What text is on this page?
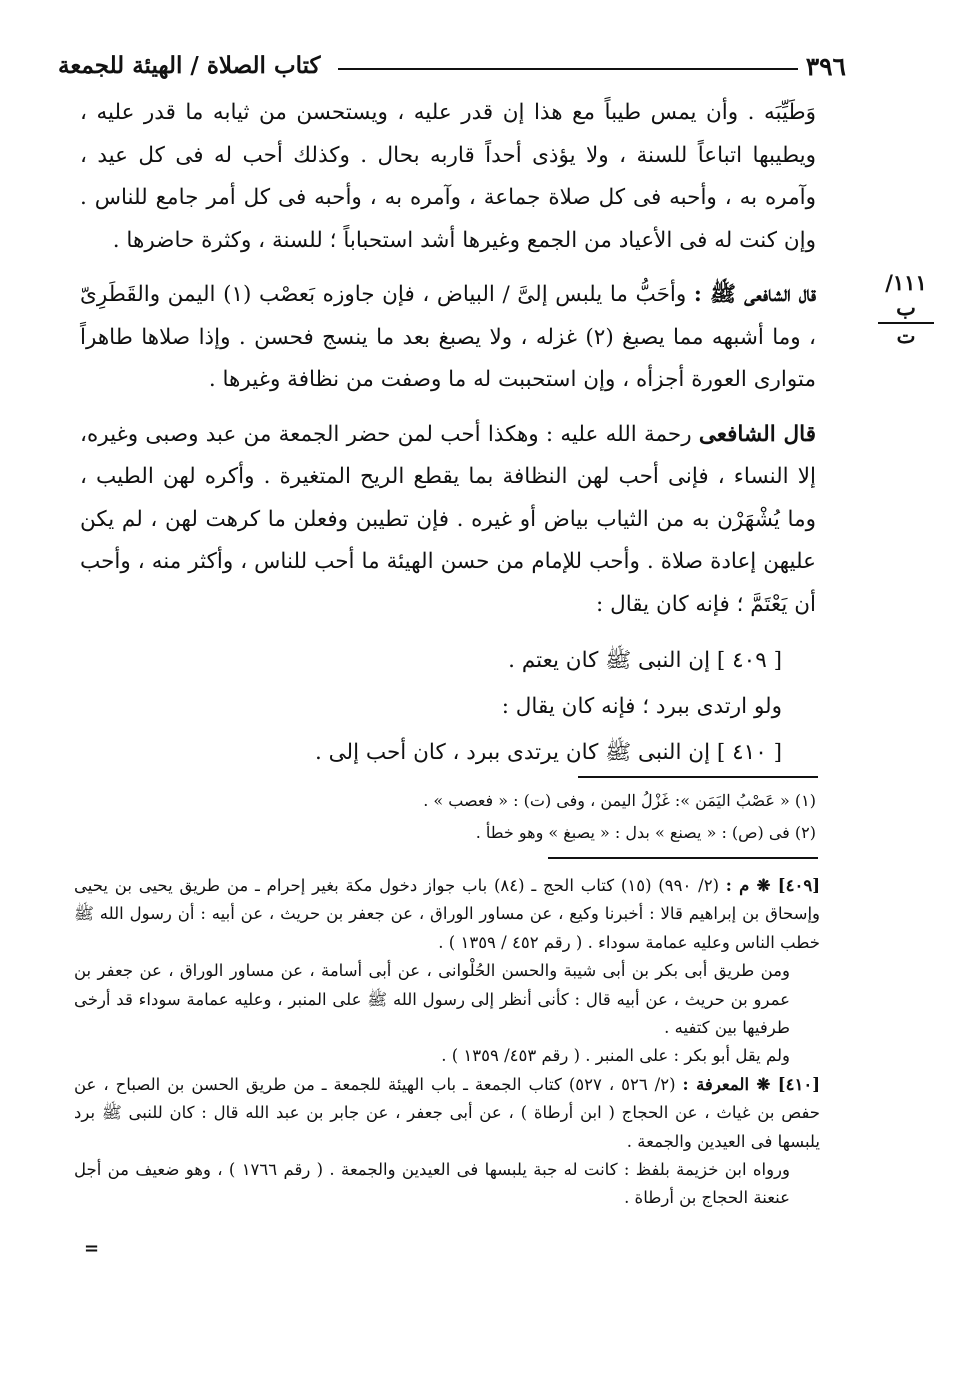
٣٩٦
كتاب الصلاة / الهيئة للجمعة
١١١/ ب
ت

وَطَيِّبَه . وأن يمس طيباً مع هذا إن قدر عليه ، ويستحسن من ثيابه ما قدر عليه ، ويطيبها اتباعاً للسنة ، ولا يؤذى أحداً قاربه بحال . وكذلك أحب له فى كل عيد ، وآمره به ، وأحبه فى كل صلاة جماعة ، وآمره به ، وأحبه فى كل أمر جامع للناس . وإن كنت له فى الأعياد من الجمع وغيرها أشد استحباباً ؛ للسنة ، وكثرة حاضرها .

قال الشافعى ﷺ : وأحَبُّ ما يلبس إلىَّ / البياض ، فإن جاوزه بَعصْب (١) اليمن والقَطَرِىّ ، وما أشبهه مما يصبغ (٢) غزله ، ولا يصبغ بعد ما ينسج فحسن . وإذا صلاها طاهراً متوارى العورة أجزأه ، وإن استحببت له ما وصفت من نظافة وغيرها .

قال الشافعى رحمة الله عليه : وهكذا أحب لمن حضر الجمعة من عبد وصبى وغيره، إلا النساء ، فإنى أحب لهن النظافة بما يقطع الريح المتغيرة . وأكره لهن الطيب ، وما يُشْهَرْن به من الثياب بياض أو غيره . فإن تطيبن وفعلن ما كرهت لهن ، لم يكن عليهن إعادة صلاة . وأحب للإمام من حسن الهيئة ما أحب للناس ، وأكثر منه ، وأحب أن يَعْتَمَّ ؛ فإنه كان يقال :

[ ٤٠٩ ] إن النبى ﷺ كان يعتم .

ولو ارتدى ببرد ؛ فإنه كان يقال :

[ ٤١٠ ] إن النبى ﷺ كان يرتدى ببرد ، كان أحب إلى .

(١) « عَصْبُ اليَمَن »: غَزْلُ اليمن ، وفى (ت) : « فعصب » .
(٢) فى (ص) : « يصنع » بدل : « يصبغ » وهو خطأ .

[٤٠٩] ❋ م : (٢/ ٩٩٠) (١٥) كتاب الحج ـ (٨٤) باب جواز دخول مكة بغير إحرام ـ من طريق يحيى بن يحيى وإسحاق بن إبراهيم قالا : أخبرنا وكيع ، عن مساور الوراق ، عن جعفر بن حريث ، عن أبيه : أن رسول الله ﷺ خطب الناس وعليه عمامة سوداء . ( رقم ٤٥٢ / ١٣٥٩ ) .

ومن طريق أبى بكر بن أبى شيبة والحسن الحُلْوانى ، عن أبى أسامة ، عن مساور الوراق ، عن جعفر بن عمرو بن حريث ، عن أبيه قال : كأنى أنظر إلى رسول الله ﷺ على المنبر ، وعليه عمامة سوداء قد أرخى طرفيها بين كتفيه .

ولم يقل أبو بكر : على المنبر . ( رقم ٤٥٣/ ١٣٥٩ ) .

[٤١٠] ❋ المعرفة : (٢/ ٥٢٦ ، ٥٢٧) كتاب الجمعة ـ باب الهيئة للجمعة ـ من طريق الحسن بن الصباح ، عن حفص بن غياث ، عن الحجاج ( ابن أرطاة ) ، عن أبى جعفر ، عن جابر بن عبد الله قال : كان للنبى ﷺ برد يلبسها فى العيدين والجمعة .

ورواه ابن خزيمة بلفظ : كانت له جبة يلبسها فى العيدين والجمعة . ( رقم ١٧٦٦ ) ، وهو ضعيف من أجل عنعنة الحجاج بن أرطاة .

=
